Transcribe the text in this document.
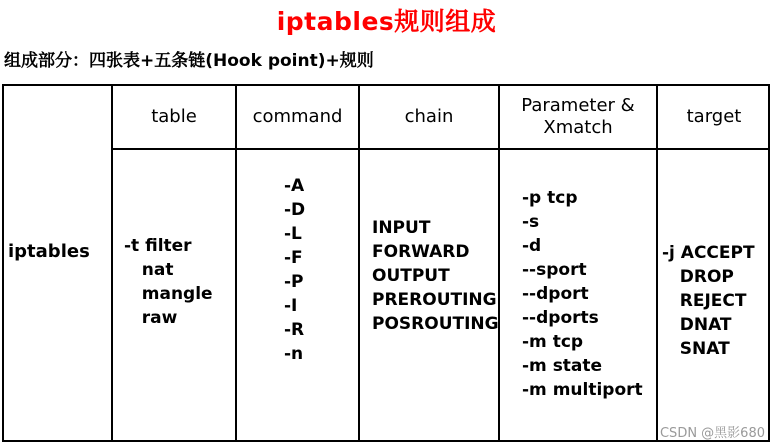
iptables规则组成
组成部分：四张表+五条链(Hook point)+规则
table	command	chain
Parameter &
Xmatch
target
iptables -t filter
nat
mangle
raw
-A
-D
-L
-F
-P
-I
-R
-n
INPUT
FORWARD
OUTPUT
PREROUTING
POSROUTING
-p tcp
-s
-d
--sport
--dport
--dports
-m tcp
-m state
-m multiport
-j ACCEPT
DROP
REJECT
DNAT
SNAT
CSDN @黑影680
